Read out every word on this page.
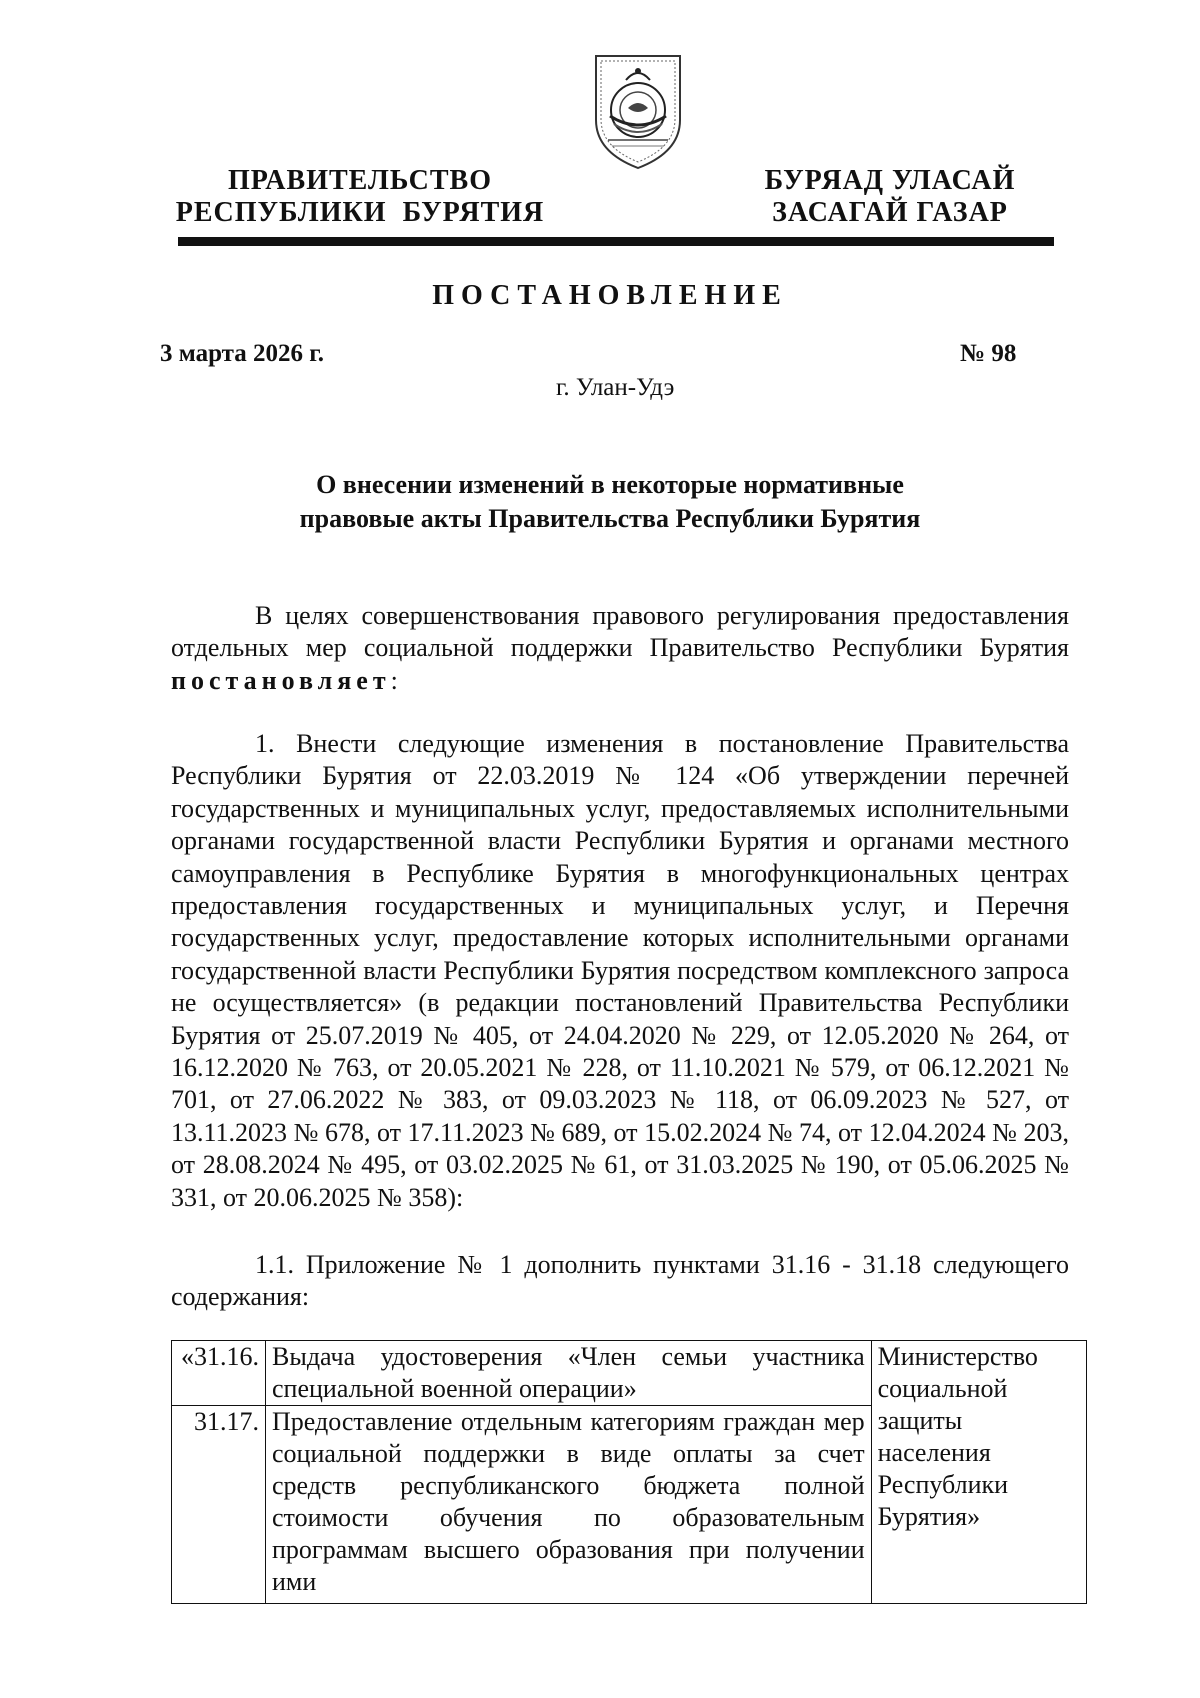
ПРАВИТЕЛЬСТВО
РЕСПУБЛИКИ  БУРЯТИЯ
БУРЯАД УЛАСАЙ
ЗАСАГАЙ ГАЗАР
ПОСТАНОВЛЕНИЕ
3 марта 2026 г.	№ 98
г. Улан-Удэ
О внесении изменений в некоторые нормативные
правовые акты Правительства Республики Бурятия

В целях совершенствования правового регулирования предоставления отдельных мер социальной поддержки Правительство Республики Бурятия постановляет:

1. Внести следующие изменения в постановление Правительства Республики Бурятия от 22.03.2019 № 124 «Об утверждении перечней государственных и муниципальных услуг, предоставляемых исполнительными органами государственной власти Республики Бурятия и органами местного самоуправления в Республике Бурятия в многофункциональных центрах предоставления государственных и муниципальных услуг, и Перечня государственных услуг, предоставление которых исполнительными органами государственной власти Республики Бурятия посредством комплексного запроса не осуществляется» (в редакции постановлений Правительства Республики Бурятия от 25.07.2019 № 405, от 24.04.2020 № 229, от 12.05.2020 № 264, от 16.12.2020 № 763, от 20.05.2021 № 228, от 11.10.2021 № 579, от 06.12.2021 № 701, от 27.06.2022 № 383, от 09.03.2023 № 118, от 06.09.2023 № 527, от 13.11.2023 № 678, от 17.11.2023 № 689, от 15.02.2024 № 74, от 12.04.2024 № 203, от 28.08.2024 № 495, от 03.02.2025 № 61, от 31.03.2025 № 190, от 05.06.2025 № 331, от 20.06.2025 № 358):

1.1. Приложение № 1 дополнить пунктами 31.16 - 31.18 следующего содержания:

«31.16.	Выдача удостоверения «Член семьи участника специальной военной операции»	Министерство социальной защиты населения Республики Бурятия»
31.17.	Предоставление отдельным категориям граждан мер социальной поддержки в виде оплаты за счет средств республиканского бюджета полной стоимости обучения по образовательным программам высшего образования при получении ими	
